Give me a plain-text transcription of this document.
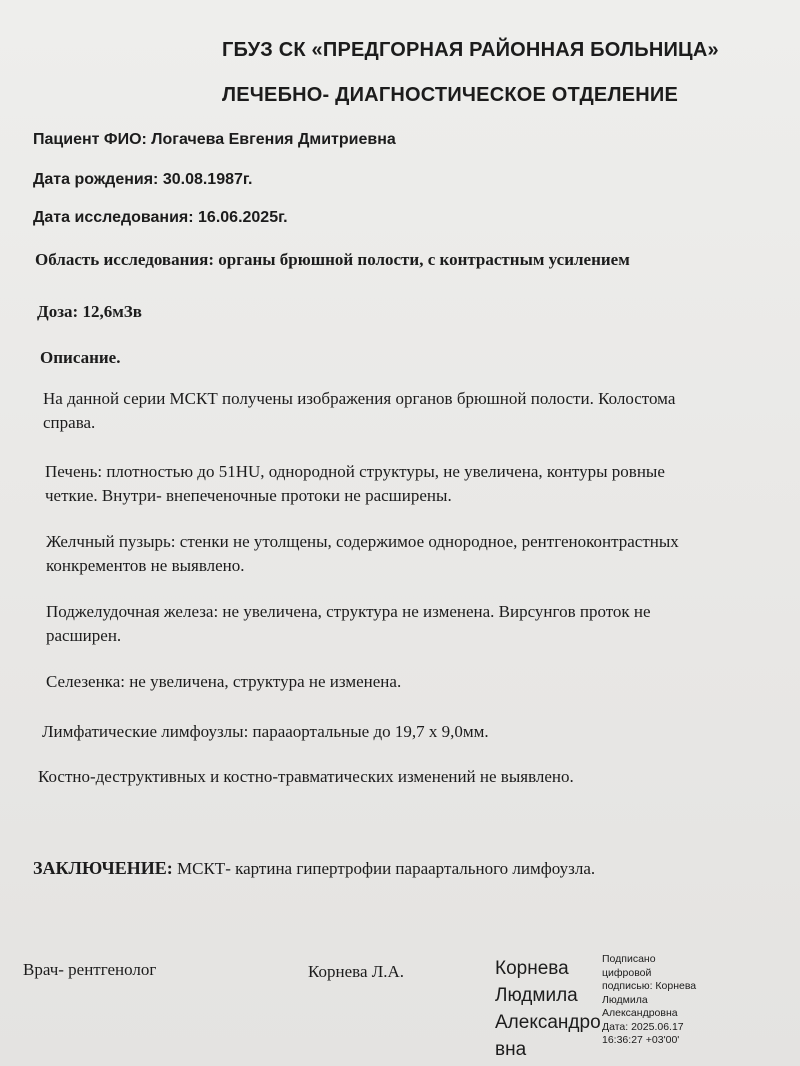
ГБУЗ СК «ПРЕДГОРНАЯ РАЙОННАЯ БОЛЬНИЦА»
ЛЕЧЕБНО- ДИАГНОСТИЧЕСКОЕ ОТДЕЛЕНИЕ
Пациент ФИО: Логачева Евгения Дмитриевна
Дата рождения: 30.08.1987г.
Дата исследования: 16.06.2025г.
Область исследования: органы брюшной полости, с контрастным усилением
Доза: 12,6мЗв
Описание.
На данной серии МСКТ получены изображения органов брюшной полости. Колостома
справа.
Печень: плотностью до 51HU, однородной структуры, не увеличена, контуры ровные
четкие. Внутри- внепеченочные протоки не расширены.
Желчный пузырь: стенки не утолщены, содержимое однородное, рентгеноконтрастных
конкрементов не выявлено.
Поджелудочная железа: не увеличена, структура не изменена. Вирсунгов проток не
расширен.
Селезенка: не увеличена, структура не изменена.
Лимфатические лимфоузлы: парааортальные до 19,7 х 9,0мм.
Костно-деструктивных и костно-травматических изменений не выявлено.
ЗАКЛЮЧЕНИЕ: МСКТ- картина гипертрофии параартального лимфоузла.
Врач- рентгенолог	Корнева Л.А.	Корнева
Людмила
Александро
вна
Подписано
цифровой
подписью: Корнева
Людмила
Александровна
Дата: 2025.06.17
16:36:27 +03'00'
